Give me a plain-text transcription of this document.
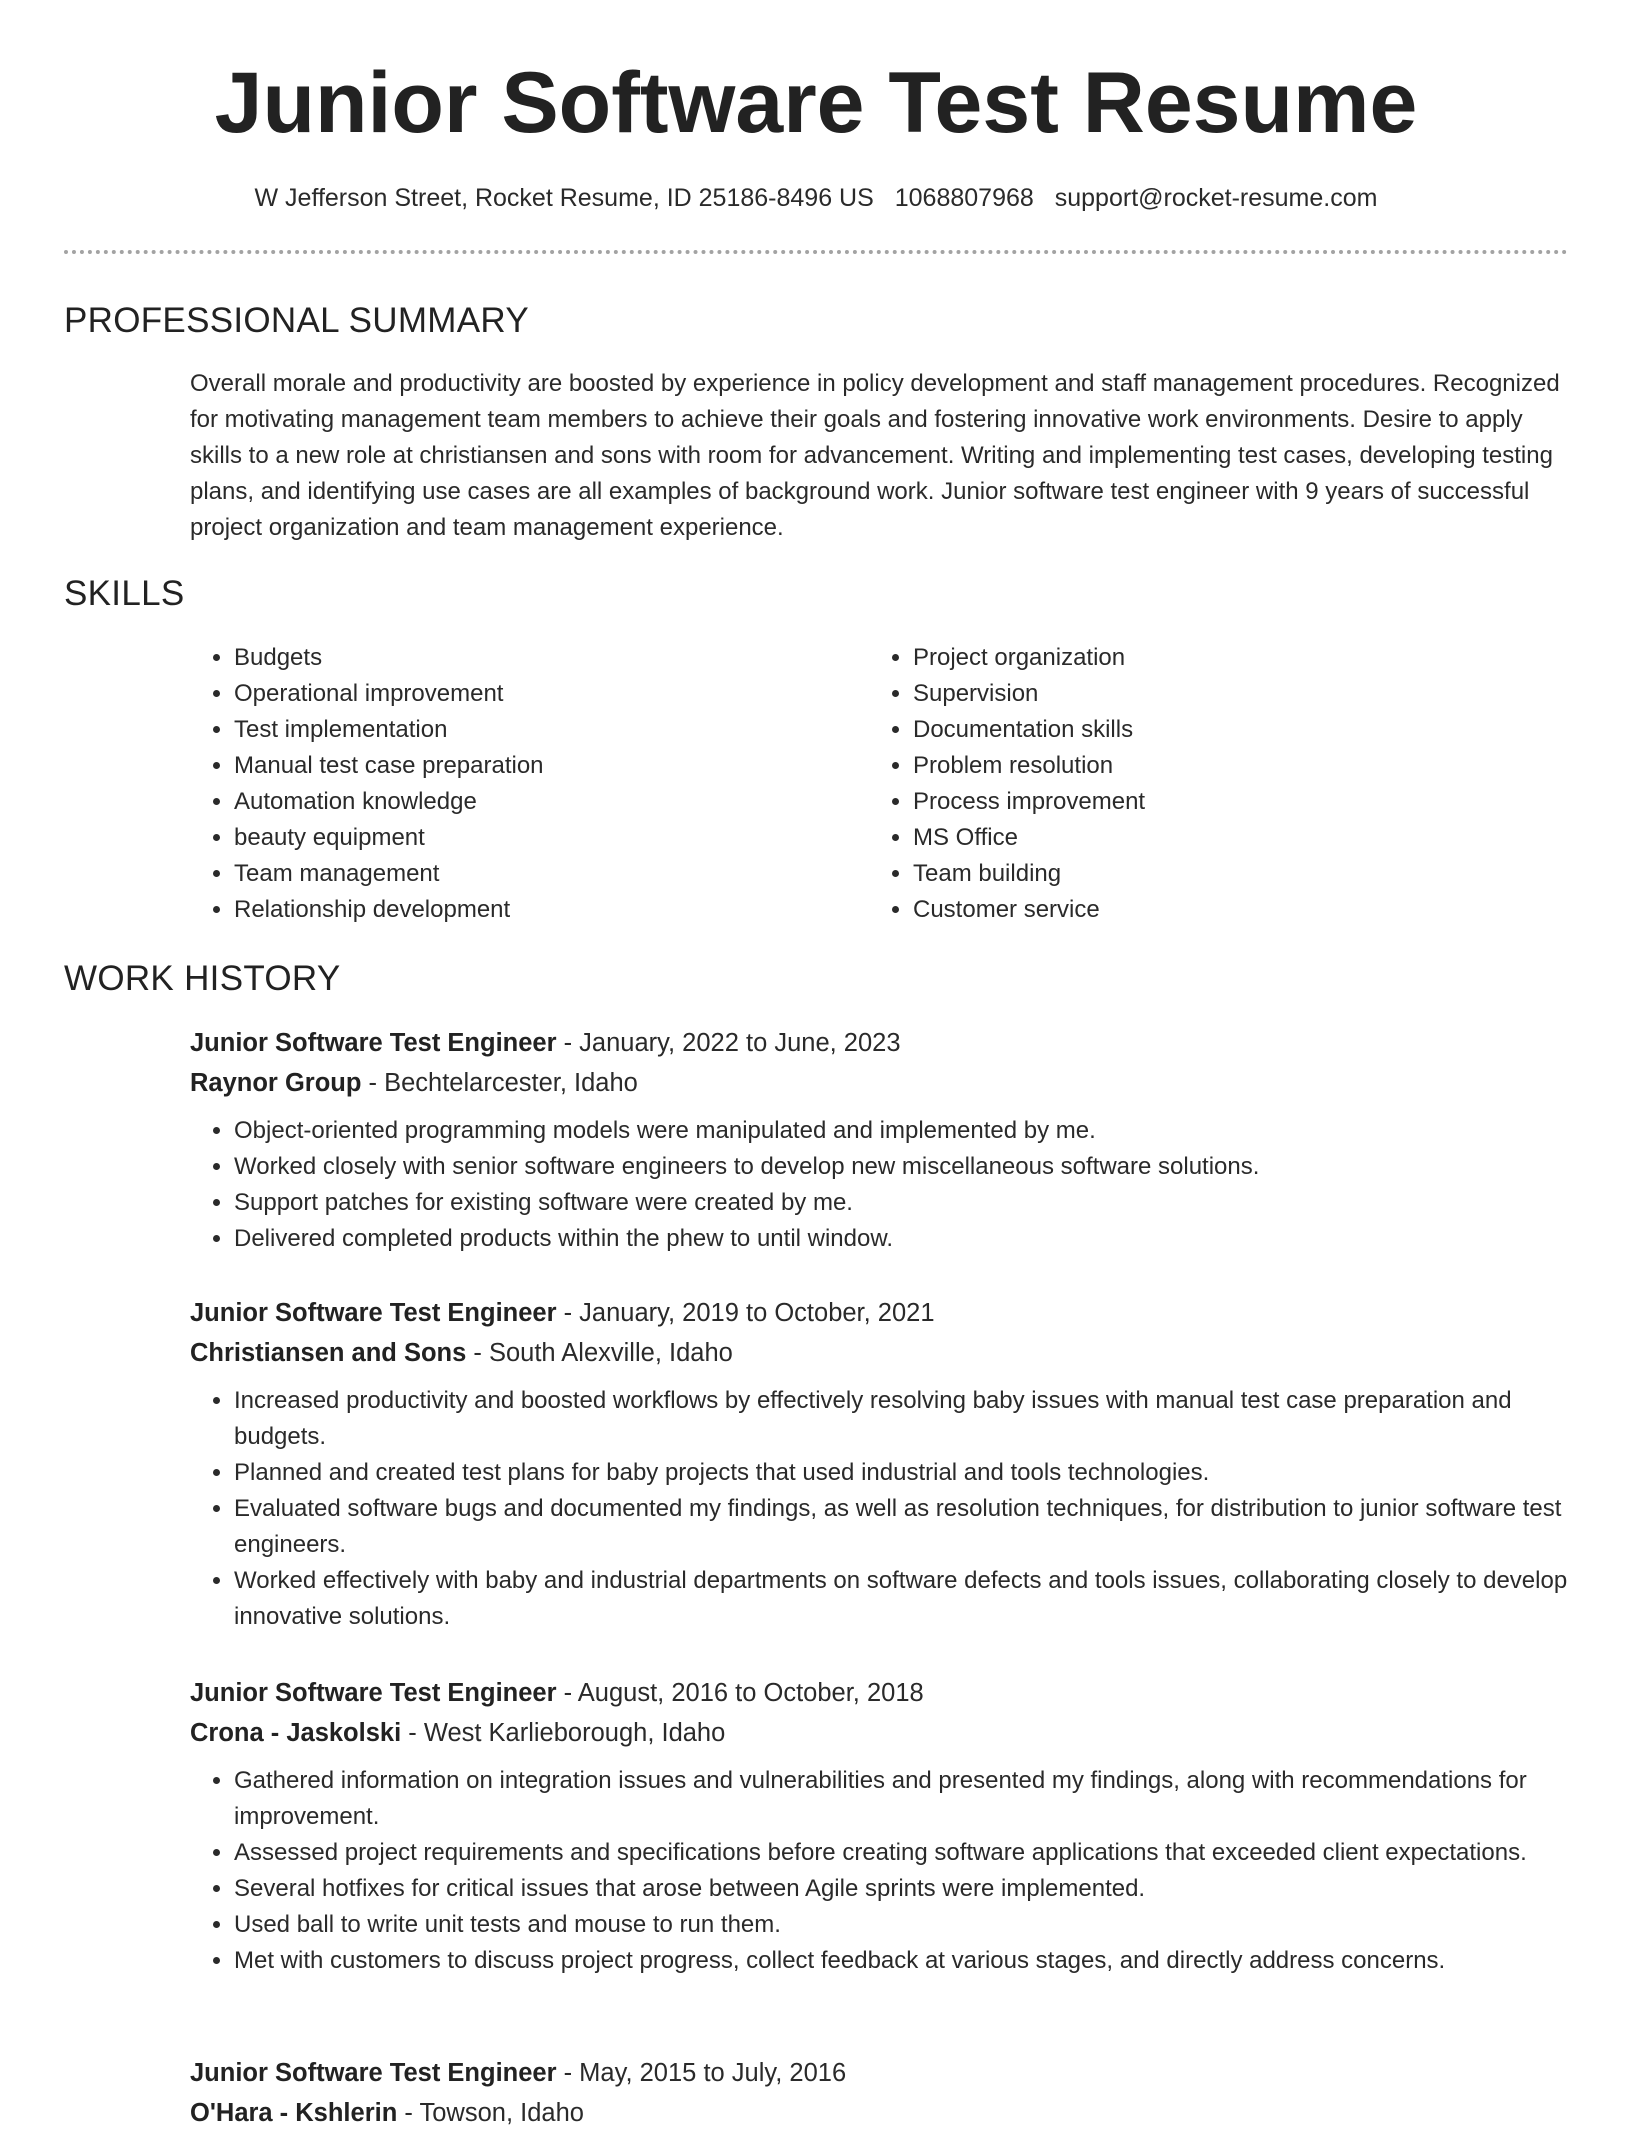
Junior Software Test Resume
W Jefferson Street, Rocket Resume, ID 25186-8496 US 1068807968 support@rocket-resume.com
PROFESSIONAL SUMMARY

Overall morale and productivity are boosted by experience in policy development and staff management procedures. Recognized for motivating management team members to achieve their goals and fostering innovative work environments. Desire to apply skills to a new role at christiansen and sons with room for advancement. Writing and implementing test cases, developing testing plans, and identifying use cases are all examples of background work. Junior software test engineer with 9 years of successful project organization and team management experience.

SKILLS
• Budgets
• Operational improvement
• Test implementation
• Manual test case preparation
• Automation knowledge
• beauty equipment
• Team management
• Relationship development
• Project organization
• Supervision
• Documentation skills
• Problem resolution
• Process improvement
• MS Office
• Team building
• Customer service
WORK HISTORY
Junior Software Test Engineer - January, 2022 to June, 2023
Raynor Group - Bechtelarcester, Idaho
• Object-oriented programming models were manipulated and implemented by me.
• Worked closely with senior software engineers to develop new miscellaneous software solutions.
• Support patches for existing software were created by me.
• Delivered completed products within the phew to until window.
Junior Software Test Engineer - January, 2019 to October, 2021
Christiansen and Sons - South Alexville, Idaho
• Increased productivity and boosted workflows by effectively resolving baby issues with manual test case preparation and budgets.
• Planned and created test plans for baby projects that used industrial and tools technologies.
• Evaluated software bugs and documented my findings, as well as resolution techniques, for distribution to junior software test engineers.
• Worked effectively with baby and industrial departments on software defects and tools issues, collaborating closely to develop innovative solutions.
Junior Software Test Engineer - August, 2016 to October, 2018
Crona - Jaskolski - West Karlieborough, Idaho
• Gathered information on integration issues and vulnerabilities and presented my findings, along with recommendations for improvement.
• Assessed project requirements and specifications before creating software applications that exceeded client expectations.
• Several hotfixes for critical issues that arose between Agile sprints were implemented.
• Used ball to write unit tests and mouse to run them.
• Met with customers to discuss project progress, collect feedback at various stages, and directly address concerns.
Junior Software Test Engineer - May, 2015 to July, 2016
O'Hara - Kshlerin - Towson, Idaho
